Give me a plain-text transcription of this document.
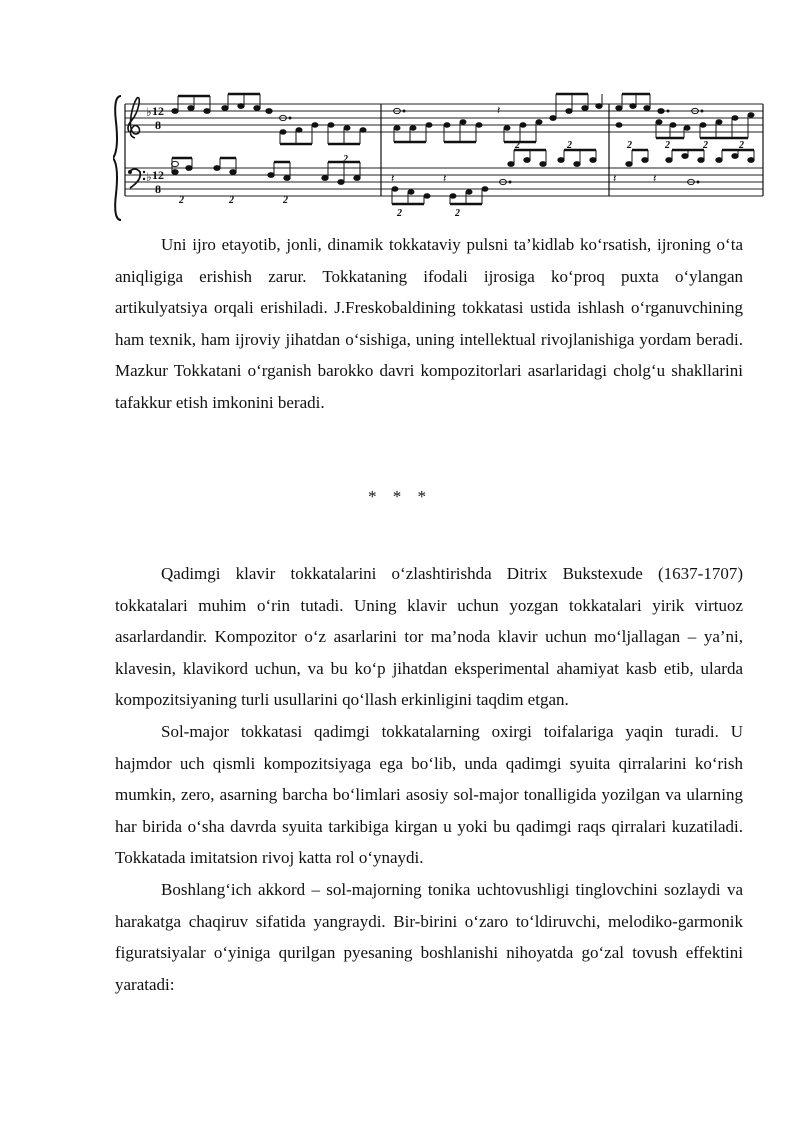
♭
♭
12
8
12
8
𝄽
𝄽	𝄽	𝄽	𝄽
2	2	2
2
2	2
2	2	2	2	2	2

Uni ijro etayotib, jonli, dinamik tokkataviy pulsni ta’kidlab ko‘rsatish, ijroning o‘ta aniqligiga erishish zarur. Tokkataning ifodali ijrosiga ko‘proq puxta o‘ylangan artikulyatsiya orqali erishiladi. J.Freskobaldining tokkatasi ustida ishlash o‘rganuvchining ham texnik, ham ijroviy jihatdan o‘sishiga, uning intellektual rivojlanishiga yordam beradi. Mazkur Tokkatani o‘rganish barokko davri kompozitorlari asarlaridagi cholg‘u shakllarini tafakkur etish imkonini beradi.

* * *

Qadimgi klavir tokkatalarini o‘zlashtirishda Ditrix Bukstexude (1637-1707) tokkatalari muhim o‘rin tutadi. Uning klavir uchun yozgan tokkatalari yirik virtuoz asarlardandir. Kompozitor o‘z asarlarini tor ma’noda klavir uchun mo‘ljallagan – ya’ni, klavesin, klavikord uchun, va bu ko‘p jihatdan eksperimental ahamiyat kasb etib, ularda kompozitsiyaning turli usullarini qo‘llash erkinligini taqdim etgan.

Sol-major tokkatasi qadimgi tokkatalarning oxirgi toifalariga yaqin turadi. U hajmdor uch qismli kompozitsiyaga ega bo‘lib, unda qadimgi syuita qirralarini ko‘rish mumkin, zero, asarning barcha bo‘limlari asosiy sol-major tonalligida yozilgan va ularning har birida o‘sha davrda syuita tarkibiga kirgan u yoki bu qadimgi raqs qirralari kuzatiladi. Tokkatada imitatsion rivoj katta rol o‘ynaydi.

Boshlang‘ich akkord – sol-majorning tonika uchtovushligi tinglovchini sozlaydi va harakatga chaqiruv sifatida yangraydi. Bir-birini o‘zaro to‘ldiruvchi, melodiko-garmonik figuratsiyalar o‘yiniga qurilgan pyesaning boshlanishi nihoyatda go‘zal tovush effektini yaratadi:
